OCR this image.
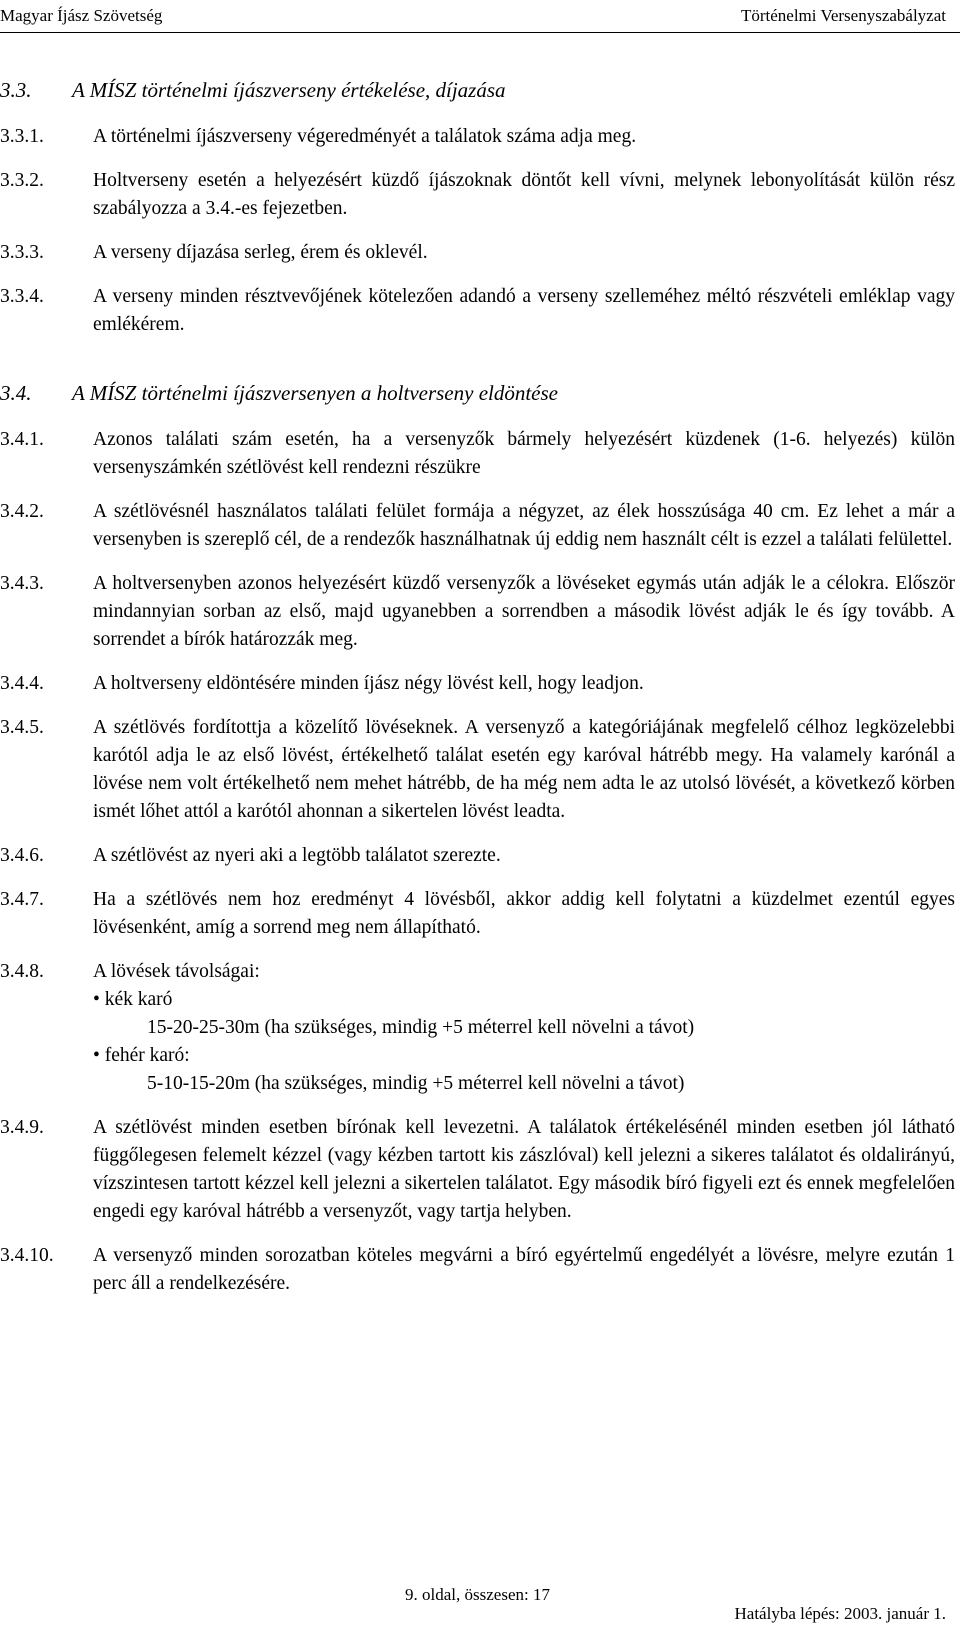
Magyar Íjász Szövetség	Történelmi Versenyszabályzat
3.3.	A MÍSZ történelmi íjászverseny értékelése, díjazása
3.3.1.	A történelmi íjászverseny végeredményét a találatok száma adja meg.
3.3.2.	Holtverseny esetén a helyezésért küzdő íjászoknak döntőt kell vívni, melynek lebonyolítását külön rész szabályozza a 3.4.-es fejezetben.
3.3.3.	A verseny díjazása serleg, érem és oklevél.
3.3.4.	A verseny minden résztvevőjének kötelezően adandó a verseny szelleméhez méltó részvételi emléklap vagy emlékérem.
3.4.	A MÍSZ történelmi íjászversenyen a holtverseny eldöntése
3.4.1.	Azonos találati szám esetén, ha a versenyzők bármely helyezésért küzdenek (1-6. helyezés) külön versenyszámkén szétlövést kell rendezni részükre
3.4.2.	A szétlövésnél használatos találati felület formája a négyzet, az élek hosszúsága 40 cm. Ez lehet a már a versenyben is szereplő cél, de a rendezők használhatnak új eddig nem használt célt is ezzel a találati felülettel.
3.4.3.	A holtversenyben azonos helyezésért küzdő versenyzők a lövéseket egymás után adják le a célokra. Először mindannyian sorban az első, majd ugyanebben a sorrendben a második lövést adják le és így tovább. A sorrendet a bírók határozzák meg.
3.4.4.	A holtverseny eldöntésére minden íjász négy lövést kell, hogy leadjon.
3.4.5.	A szétlövés fordítottja a közelítő lövéseknek. A versenyző a kategóriájának megfelelő célhoz legközelebbi karótól adja le az első lövést, értékelhető találat esetén egy karóval hátrébb megy. Ha valamely karónál a lövése nem volt értékelhető nem mehet hátrébb, de ha még nem adta le az utolsó lövését, a következő körben ismét lőhet attól a karótól ahonnan a sikertelen lövést leadta.
3.4.6.	A szétlövést az nyeri aki a legtöbb találatot szerezte.
3.4.7.	Ha a szétlövés nem hoz eredményt 4 lövésből, akkor addig kell folytatni a küzdelmet ezentúl egyes lövésenként, amíg a sorrend meg nem állapítható.
3.4.8.	A lövések távolságai:

• kék karó

15-20-25-30m (ha szükséges, mindig +5 méterrel kell növelni a távot)

• fehér karó:

5-10-15-20m (ha szükséges, mindig +5 méterrel kell növelni a távot)

3.4.9.	A szétlövést minden esetben bírónak kell levezetni. A találatok értékelésénél minden esetben jól látható függőlegesen felemelt kézzel (vagy kézben tartott kis zászlóval) kell jelezni a sikeres találatot és oldalirányú, vízszintesen tartott kézzel kell jelezni a sikertelen találatot. Egy második bíró figyeli ezt és ennek megfelelően engedi egy karóval hátrébb a versenyzőt, vagy tartja helyben.
3.4.10.	A versenyző minden sorozatban köteles megvárni a bíró egyértelmű engedélyét a lövésre, melyre ezután 1 perc áll a rendelkezésére.
9. oldal, összesen: 17
Hatályba lépés: 2003. január 1.
